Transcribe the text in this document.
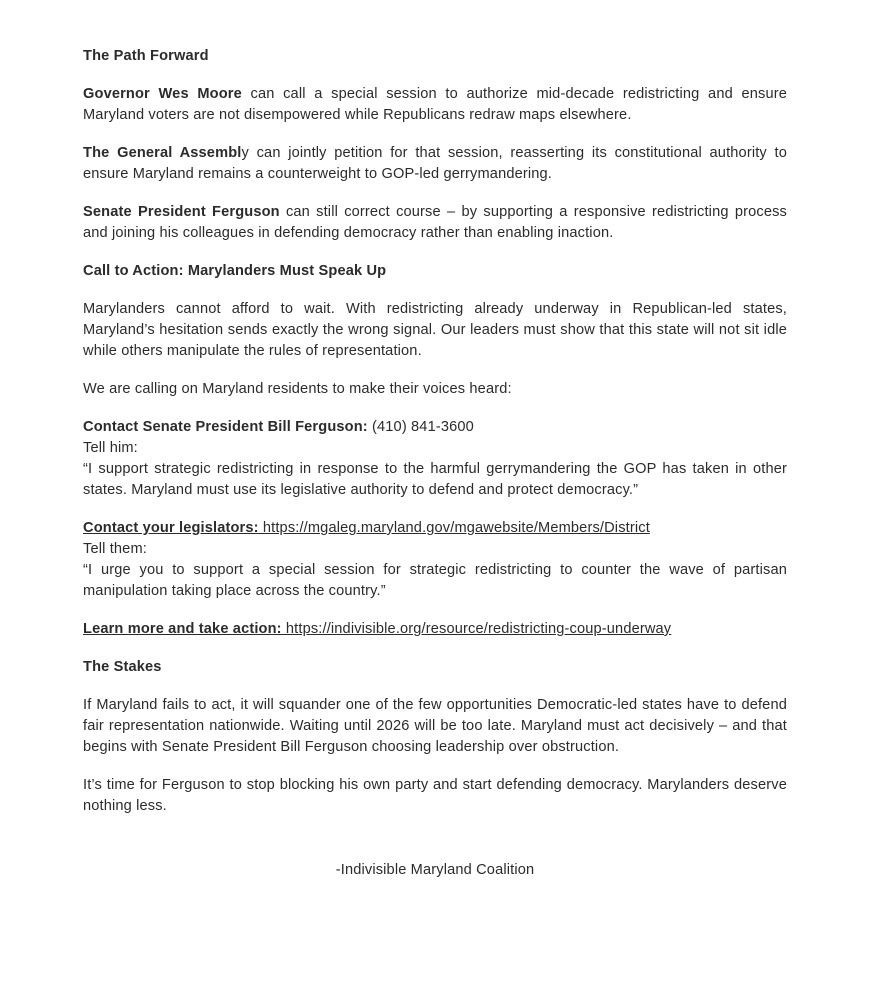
The Path Forward

Governor Wes Moore can call a special session to authorize mid-decade redistricting and ensure Maryland voters are not disempowered while Republicans redraw maps elsewhere.

The General Assembly can jointly petition for that session, reasserting its constitutional authority to ensure Maryland remains a counterweight to GOP-led gerrymandering.

Senate President Ferguson can still correct course – by supporting a responsive redistricting process and joining his colleagues in defending democracy rather than enabling inaction.

Call to Action: Marylanders Must Speak Up

Marylanders cannot afford to wait. With redistricting already underway in Republican-led states, Maryland’s hesitation sends exactly the wrong signal. Our leaders must show that this state will not sit idle while others manipulate the rules of representation.

We are calling on Maryland residents to make their voices heard:

Contact Senate President Bill Ferguson: (410) 841-3600
Tell him:
“I support strategic redistricting in response to the harmful gerrymandering the GOP has taken in other states. Maryland must use its legislative authority to defend and protect democracy.”
Contact your legislators: https://mgaleg.maryland.gov/mgawebsite/Members/District
Tell them:
“I urge you to support a special session for strategic redistricting to counter the wave of partisan manipulation taking place across the country.”
Learn more and take action: https://indivisible.org/resource/redistricting-coup-underway
The Stakes

If Maryland fails to act, it will squander one of the few opportunities Democratic-led states have to defend fair representation nationwide. Waiting until 2026 will be too late. Maryland must act decisively – and that begins with Senate President Bill Ferguson choosing leadership over obstruction.

It’s time for Ferguson to stop blocking his own party and start defending democracy. Marylanders deserve nothing less.

-Indivisible Maryland Coalition
